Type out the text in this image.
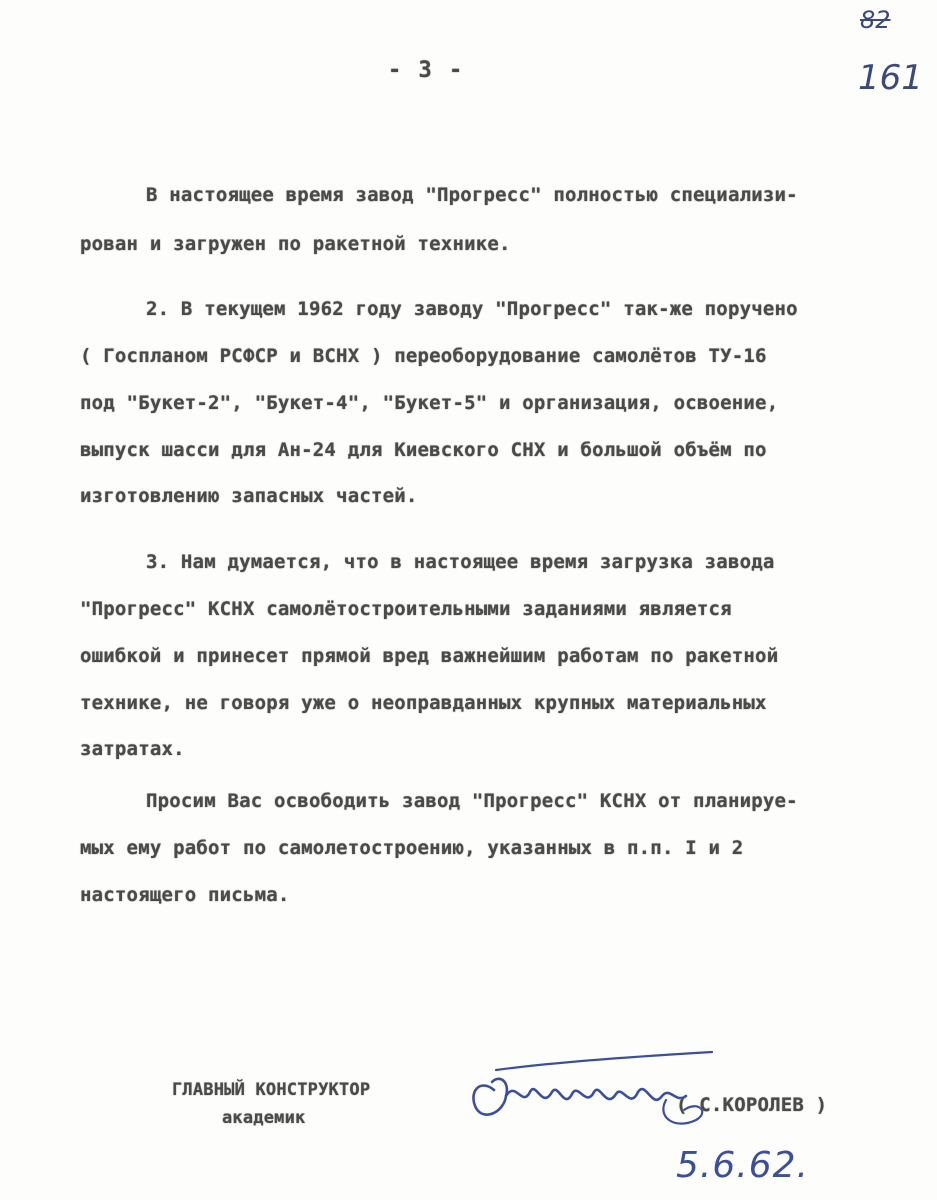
82
161
- 3 -
В настоящее время завод "Прогресс" полностью специализи-
рован и загружен по ракетной технике.
2. В текущем 1962 году заводу "Прогресс" так-же поручено
( Госпланом РСФСР и ВСНХ ) переоборудование самолётов ТУ-16
под "Букет-2", "Букет-4", "Букет-5" и организация, освоение,
выпуск шасси для Ан-24 для Киевского СНХ и большой объём по
изготовлению запасных частей.
3. Нам думается, что в настоящее время загрузка завода
"Прогресс" КСНХ самолётостроительными заданиями является
ошибкой и принесет прямой вред важнейшим работам по ракетной
технике, не говоря уже о неоправданных крупных материальных
затратах.
Просим Вас освободить завод "Прогресс" КСНХ от планируе-
мых ему работ по самолетостроению, указанных в п.п. I и 2
настоящего письма.
ГЛАВНЫЙ КОНСТРУКТОР
академик
( С.КОРОЛЕВ )
5.6.62.
